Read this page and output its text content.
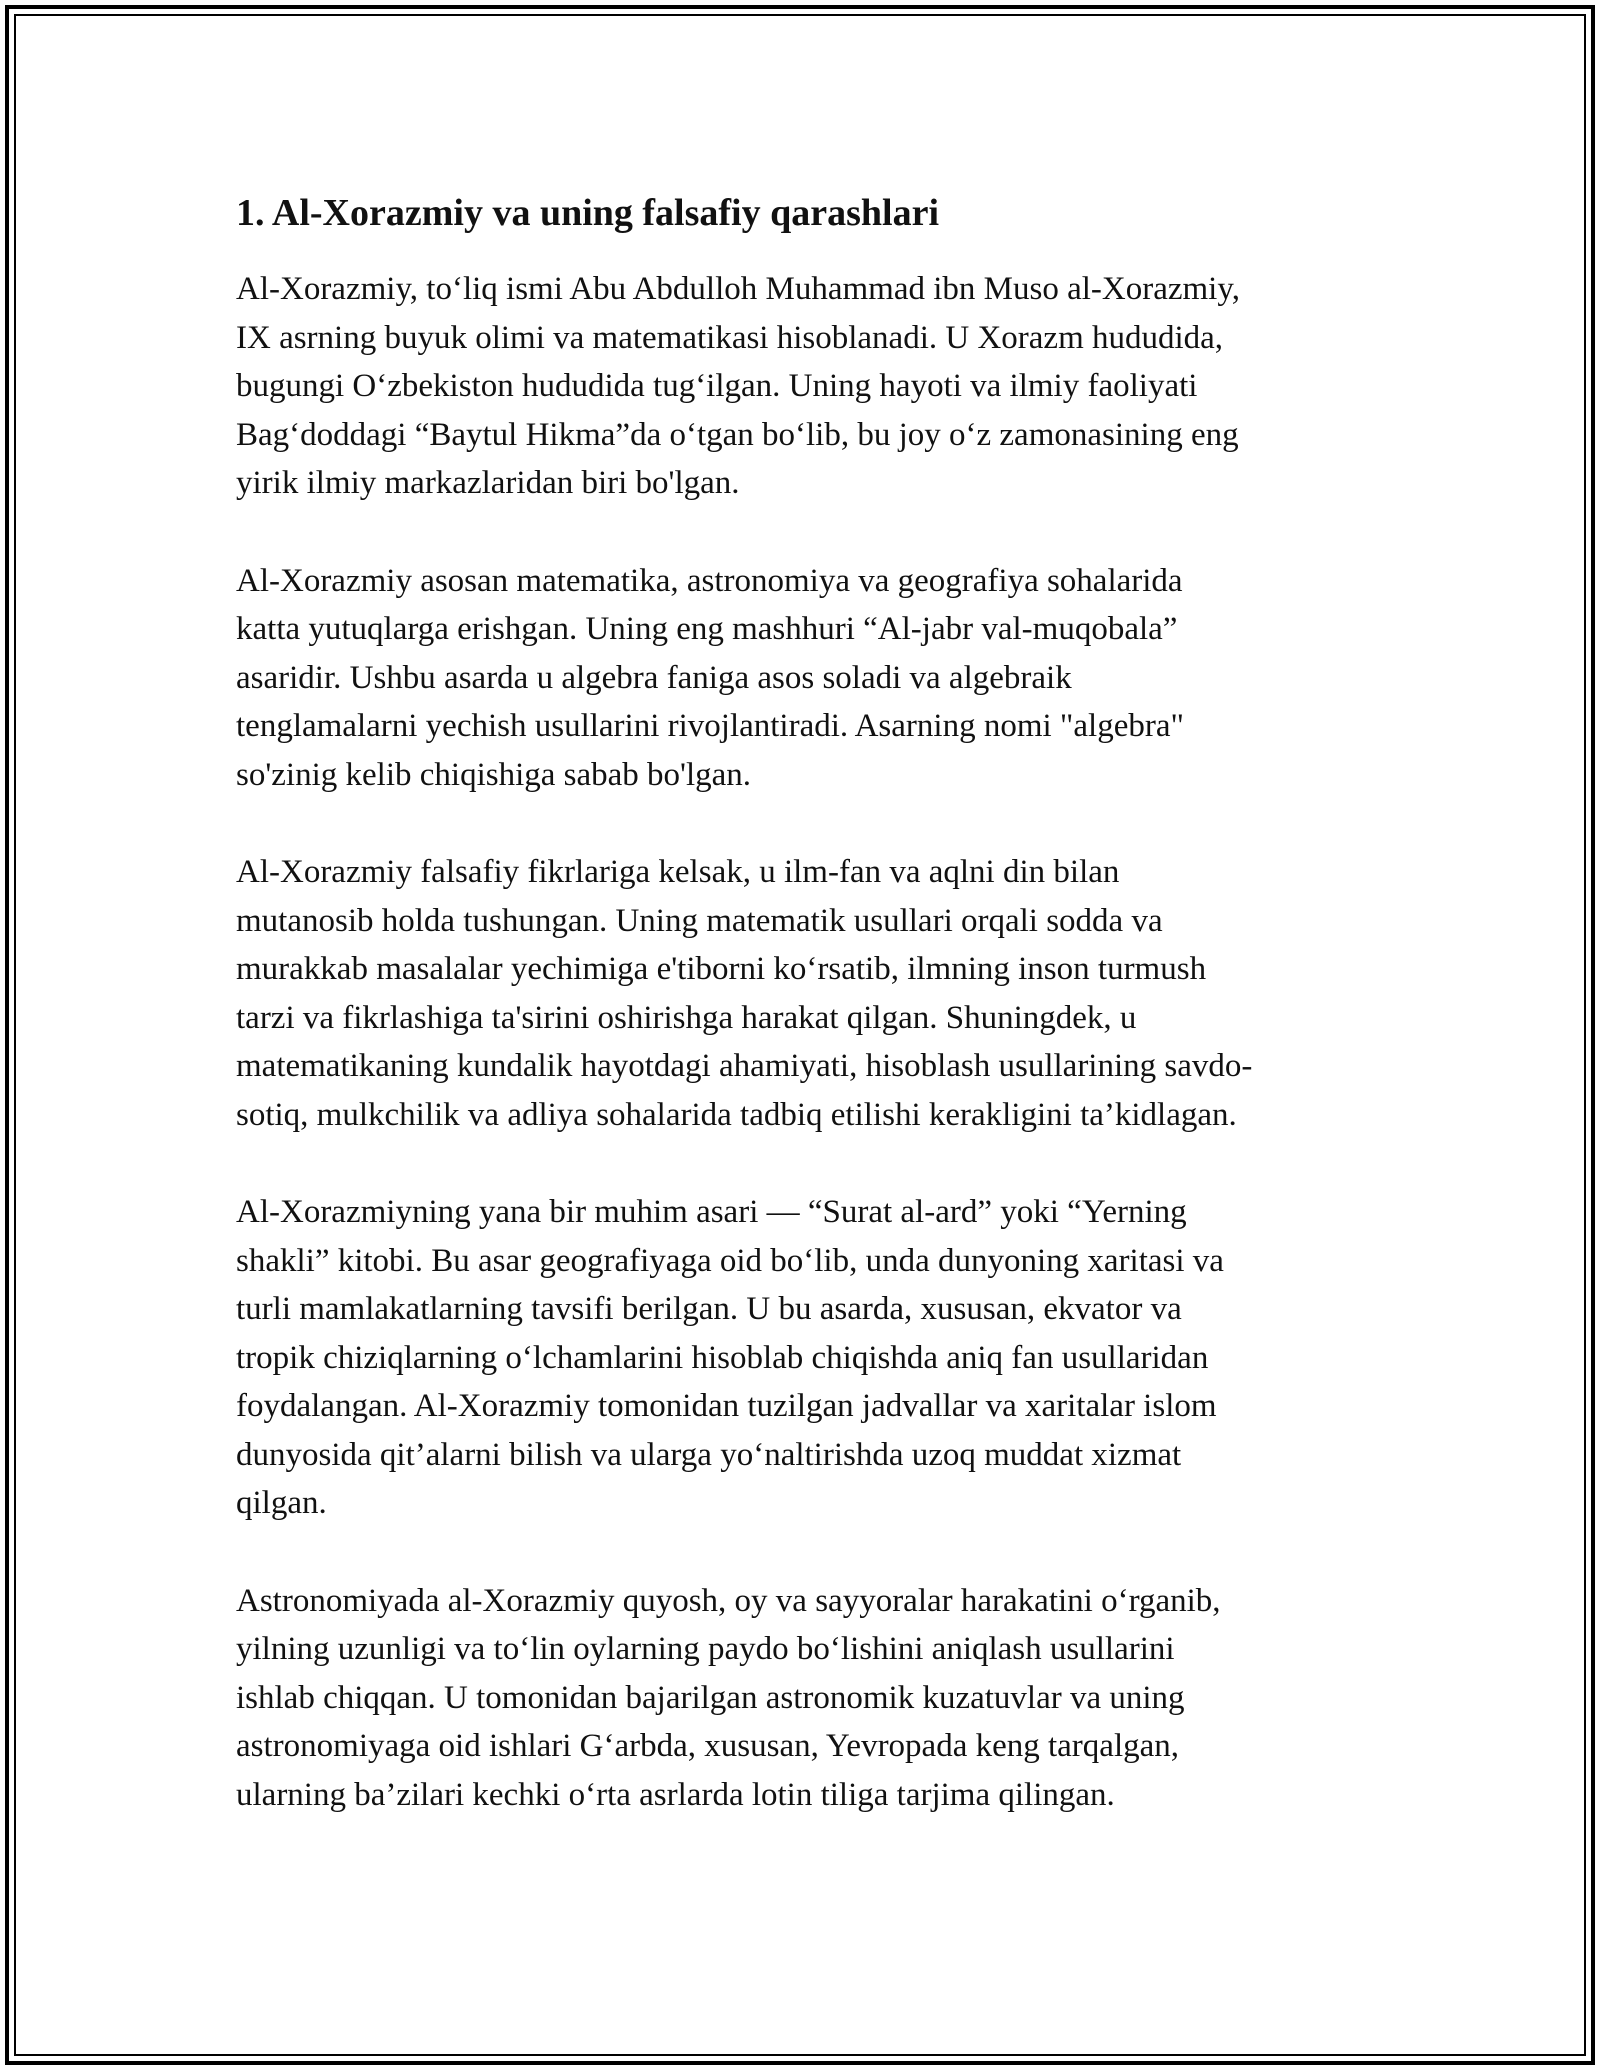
1. Al-Xorazmiy va uning falsafiy qarashlari

Al-Xorazmiy, to‘liq ismi Abu Abdulloh Muhammad ibn Muso al-Xorazmiy,
IX asrning buyuk olimi va matematikasi hisoblanadi. U Xorazm hududida,
bugungi O‘zbekiston hududida tug‘ilgan. Uning hayoti va ilmiy faoliyati
Bag‘doddagi “Baytul Hikma”da o‘tgan bo‘lib, bu joy o‘z zamonasining eng
yirik ilmiy markazlaridan biri bo'lgan.

Al-Xorazmiy asosan matematika, astronomiya va geografiya sohalarida
katta yutuqlarga erishgan. Uning eng mashhuri “Al-jabr val-muqobala”
asaridir. Ushbu asarda u algebra faniga asos soladi va algebraik
tenglamalarni yechish usullarini rivojlantiradi. Asarning nomi "algebra"
so'zinig kelib chiqishiga sabab bo'lgan.

Al-Xorazmiy falsafiy fikrlariga kelsak, u ilm-fan va aqlni din bilan
mutanosib holda tushungan. Uning matematik usullari orqali sodda va
murakkab masalalar yechimiga e'tiborni ko‘rsatib, ilmning inson turmush
tarzi va fikrlashiga ta'sirini oshirishga harakat qilgan. Shuningdek, u
matematikaning kundalik hayotdagi ahamiyati, hisoblash usullarining savdo-
sotiq, mulkchilik va adliya sohalarida tadbiq etilishi kerakligini ta’kidlagan.

Al-Xorazmiyning yana bir muhim asari — “Surat al-ard” yoki “Yerning
shakli” kitobi. Bu asar geografiyaga oid bo‘lib, unda dunyoning xaritasi va
turli mamlakatlarning tavsifi berilgan. U bu asarda, xususan, ekvator va
tropik chiziqlarning o‘lchamlarini hisoblab chiqishda aniq fan usullaridan
foydalangan. Al-Xorazmiy tomonidan tuzilgan jadvallar va xaritalar islom
dunyosida qit’alarni bilish va ularga yo‘naltirishda uzoq muddat xizmat
qilgan.

Astronomiyada al-Xorazmiy quyosh, oy va sayyoralar harakatini o‘rganib,
yilning uzunligi va to‘lin oylarning paydo bo‘lishini aniqlash usullarini
ishlab chiqqan. U tomonidan bajarilgan astronomik kuzatuvlar va uning
astronomiyaga oid ishlari G‘arbda, xususan, Yevropada keng tarqalgan,
ularning ba’zilari kechki o‘rta asrlarda lotin tiliga tarjima qilingan.
